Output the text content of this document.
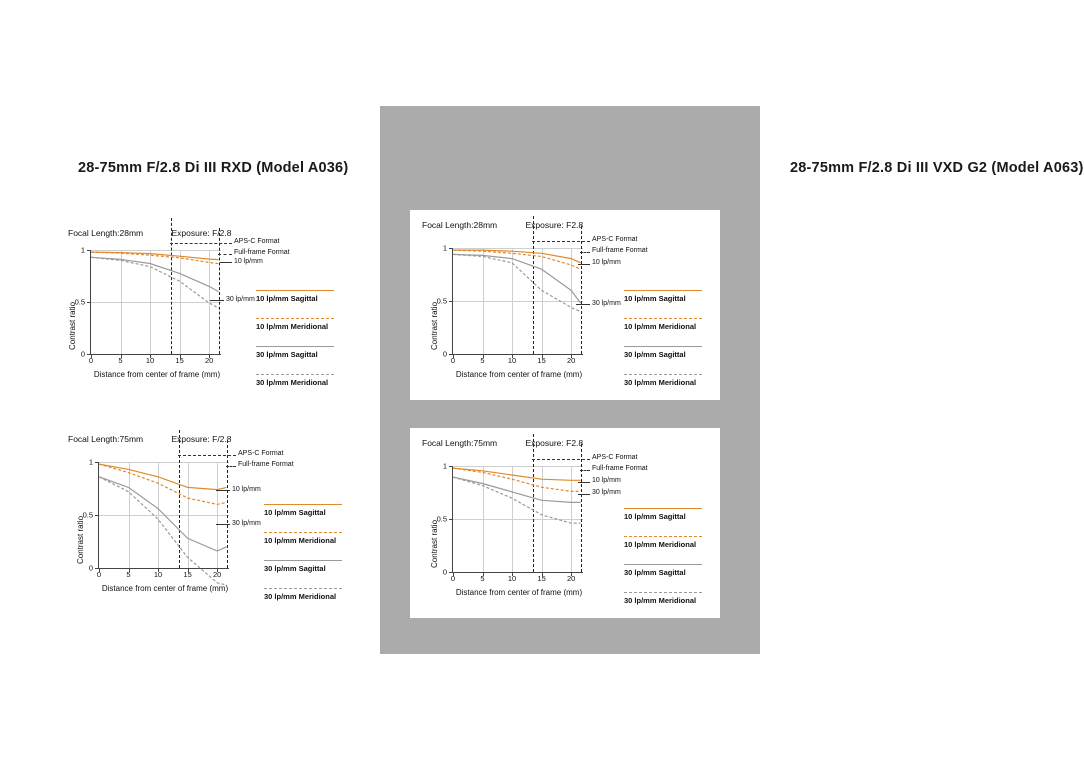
28-75mm F/2.8 Di III RXD (Model A036)
Focal Length:28mm	Exposure: F/2.8
0	5	10	15	20
1
0.5
0
Distance from center of frame (mm)
Contrast ratio
APS-C Format
Full-frame Format
10 lp/mm
30 lp/mm 10 lp/mm Sagittal
10 lp/mm Meridional
30 lp/mm Sagittal
30 lp/mm Meridional
Focal Length:75mm	Exposure: F/2.8
0	5	10	15	20
1
0.5
0
Distance from center of frame (mm)
Contrast ratio
APS-C Format
Full-frame Format
10 lp/mm
30 lp/mm
10 lp/mm Sagittal
10 lp/mm Meridional
30 lp/mm Sagittal
30 lp/mm Meridional
28-75mm F/2.8 Di III VXD G2 (Model A063)
Focal Length:28mm	Exposure: F2.8
0	5	10	15	20
1
0.5
0
Distance from center of frame (mm)
Contrast ratio
APS-C Format
Full-frame Format
10 lp/mm
30 lp/mm
10 lp/mm Sagittal
10 lp/mm Meridional
30 lp/mm Sagittal
30 lp/mm Meridional
Focal Length:75mm	Exposure: F2.8
0	5	10	15	20
1
0.5
0
Distance from center of frame (mm)
Contrast ratio
APS-C Format
Full-frame Format
10 lp/mm
30 lp/mm
10 lp/mm Sagittal
10 lp/mm Meridional
30 lp/mm Sagittal
30 lp/mm Meridional
